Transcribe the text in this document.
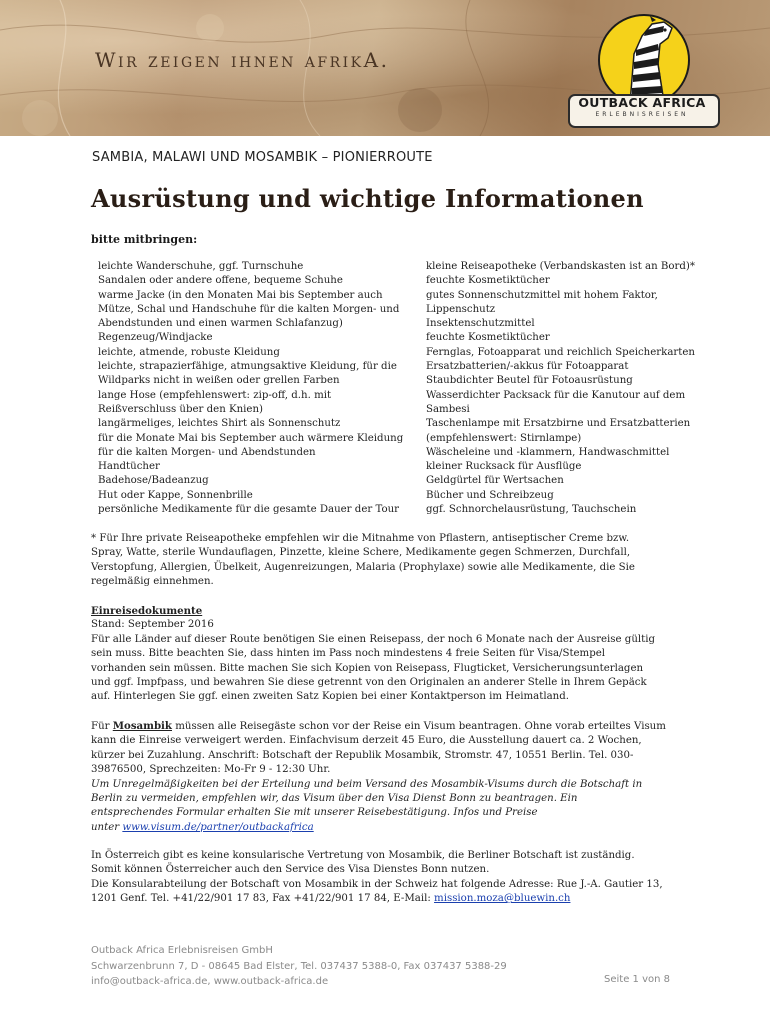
Wir zeigen ihnen afrikA.
OUTBACK AFRICA
ERLEBNISREISEN
SAMBIA, MALAWI UND MOSAMBIK – PIONIERROUTE
Ausrüstung und wichtige Informationen
bitte mitbringen:
leichte Wanderschuhe, ggf. Turnschuhe
Sandalen oder andere offene, bequeme Schuhe
warme Jacke (in den Monaten Mai bis September auch
Mütze, Schal und Handschuhe für die kalten Morgen- und
Abendstunden und einen warmen Schlafanzug)
Regenzeug/Windjacke
leichte, atmende, robuste Kleidung
leichte, strapazierfähige, atmungsaktive Kleidung, für die
Wildparks nicht in weißen oder grellen Farben
lange Hose (empfehlenswert: zip-off, d.h. mit
Reißverschluss über den Knien)
langärmeliges, leichtes Shirt als Sonnenschutz
für die Monate Mai bis September auch wärmere Kleidung
für die kalten Morgen- und Abendstunden
Handtücher
Badehose/Badeanzug
Hut oder Kappe, Sonnenbrille
persönliche Medikamente für die gesamte Dauer der Tour
kleine Reiseapotheke (Verbandskasten ist an Bord)*
feuchte Kosmetiktücher
gutes Sonnenschutzmittel mit hohem Faktor,
Lippenschutz
Insektenschutzmittel
feuchte Kosmetiktücher
Fernglas, Fotoapparat und reichlich Speicherkarten
Ersatzbatterien/-akkus für Fotoapparat
Staubdichter Beutel für Fotoausrüstung
Wasserdichter Packsack für die Kanutour auf dem
Sambesi
Taschenlampe mit Ersatzbirne und Ersatzbatterien
(empfehlenswert: Stirnlampe)
Wäscheleine und -klammern, Handwaschmittel
kleiner Rucksack für Ausflüge
Geldgürtel für Wertsachen
Bücher und Schreibzeug
ggf. Schnorchelausrüstung, Tauchschein

* Für Ihre private Reiseapotheke empfehlen wir die Mitnahme von Pflastern, antiseptischer Creme bzw.

Spray, Watte, sterile Wundauflagen, Pinzette, kleine Schere, Medikamente gegen Schmerzen, Durchfall,

Verstopfung, Allergien, Übelkeit, Augenreizungen, Malaria (Prophylaxe) sowie alle Medikamente, die Sie

regelmäßig einnehmen.

Einreisedokumente

Stand: September 2016

Für alle Länder auf dieser Route benötigen Sie einen Reisepass, der noch 6 Monate nach der Ausreise gültig

sein muss. Bitte beachten Sie, dass hinten im Pass noch mindestens 4 freie Seiten für Visa/Stempel

vorhanden sein müssen. Bitte machen Sie sich Kopien von Reisepass, Flugticket, Versicherungsunterlagen

und ggf. Impfpass, und bewahren Sie diese getrennt von den Originalen an anderer Stelle in Ihrem Gepäck

auf. Hinterlegen Sie ggf. einen zweiten Satz Kopien bei einer Kontaktperson im Heimatland.

Für Mosambik müssen alle Reisegäste schon vor der Reise ein Visum beantragen. Ohne vorab erteiltes Visum

kann die Einreise verweigert werden. Einfachvisum derzeit 45 Euro, die Ausstellung dauert ca. 2 Wochen,

kürzer bei Zuzahlung. Anschrift: Botschaft der Republik Mosambik, Stromstr. 47, 10551 Berlin. Tel. 030-

39876500, Sprechzeiten: Mo-Fr 9 - 12:30 Uhr.

Um Unregelmäßigkeiten bei der Erteilung und beim Versand des Mosambik-Visums durch die Botschaft in

Berlin zu vermeiden, empfehlen wir, das Visum über den Visa Dienst Bonn zu beantragen. Ein

entsprechendes Formular erhalten Sie mit unserer Reisebestätigung. Infos und Preise

unter www.visum.de/partner/outbackafrica

In Österreich gibt es keine konsularische Vertretung von Mosambik, die Berliner Botschaft ist zuständig.

Somit können Österreicher auch den Service des Visa Dienstes Bonn nutzen.

Die Konsularabteilung der Botschaft von Mosambik in der Schweiz hat folgende Adresse: Rue J.-A. Gautier 13,

1201 Genf. Tel. +41/22/901 17 83, Fax +41/22/901 17 84, E-Mail: mission.moza@bluewin.ch

Outback Africa Erlebnisreisen GmbH
Schwarzenbrunn 7, D - 08645 Bad Elster, Tel. 037437 5388-0, Fax 037437 5388-29
info@outback-africa.de, www.outback-africa.de	Seite 1 von 8
